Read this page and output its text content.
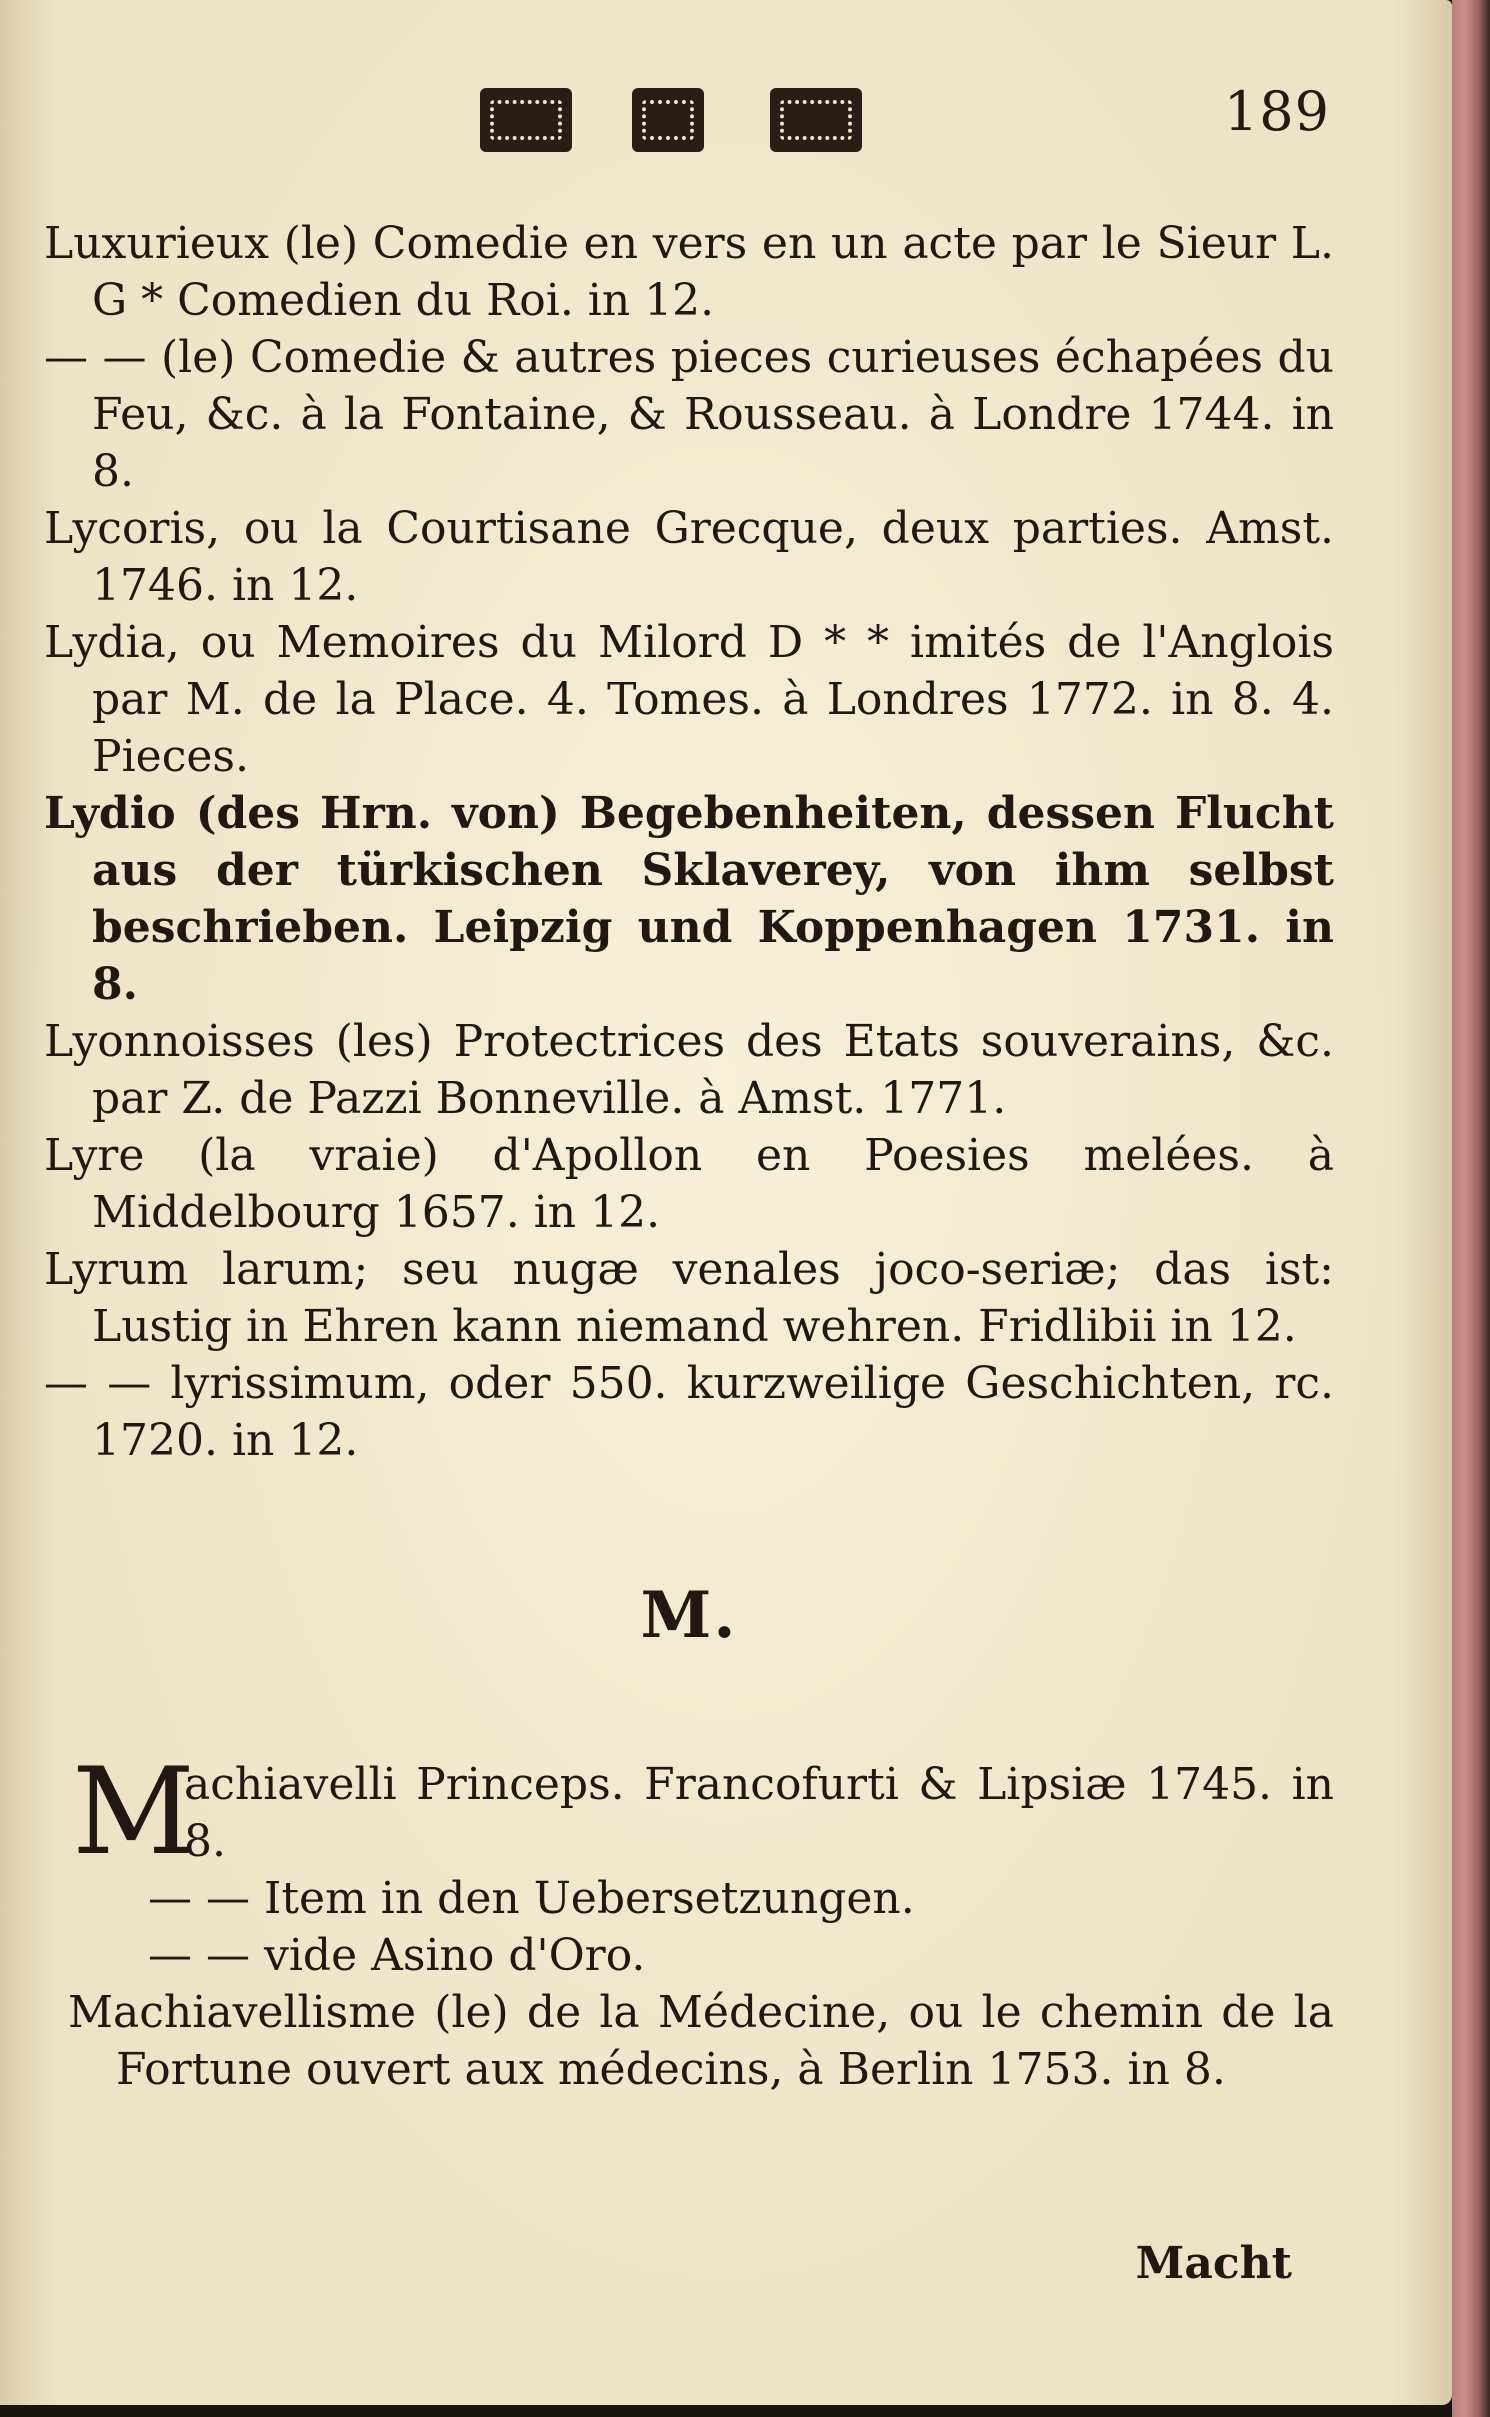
189
Luxurieux (le) Comedie en vers en un acte par le Sieur L. G * Comedien du Roi. in 12.
— — (le) Comedie & autres pieces curieuses échapées du Feu, &c. à la Fontaine, & Rousseau. à Londre 1744. in 8.
Lycoris, ou la Courtisane Grecque, deux parties. Amst. 1746. in 12.
Lydia, ou Memoires du Milord D * * imités de l'Anglois par M. de la Place. 4. Tomes. à Londres 1772. in 8. 4. Pieces.
Lydio (des Hrn. von) Begebenheiten, dessen Flucht aus der türkischen Sklaverey, von ihm selbst beschrieben. Leipzig und Koppenhagen 1731. in 8.
Lyonnoisses (les) Protectrices des Etats souverains, &c. par Z. de Pazzi Bonneville. à Amst. 1771.
Lyre (la vraie) d'Apollon en Poesies melées. à Middelbourg 1657. in 12.
Lyrum larum; seu nugæ venales joco-seriæ; das ist: Lustig in Ehren kann niemand wehren. Fridlibii in 12.
— — lyrissimum, oder 550. kurzweilige Geschichten, rc. 1720. in 12.
M.
M
achiavelli Princeps. Francofurti & Lipsiæ 1745. in 8.
— — Item in den Uebersetzungen.
— — vide Asino d'Oro.
Machiavellisme (le) de la Médecine, ou le chemin de la Fortune ouvert aux médecins, à Berlin 1753. in 8.
Macht
